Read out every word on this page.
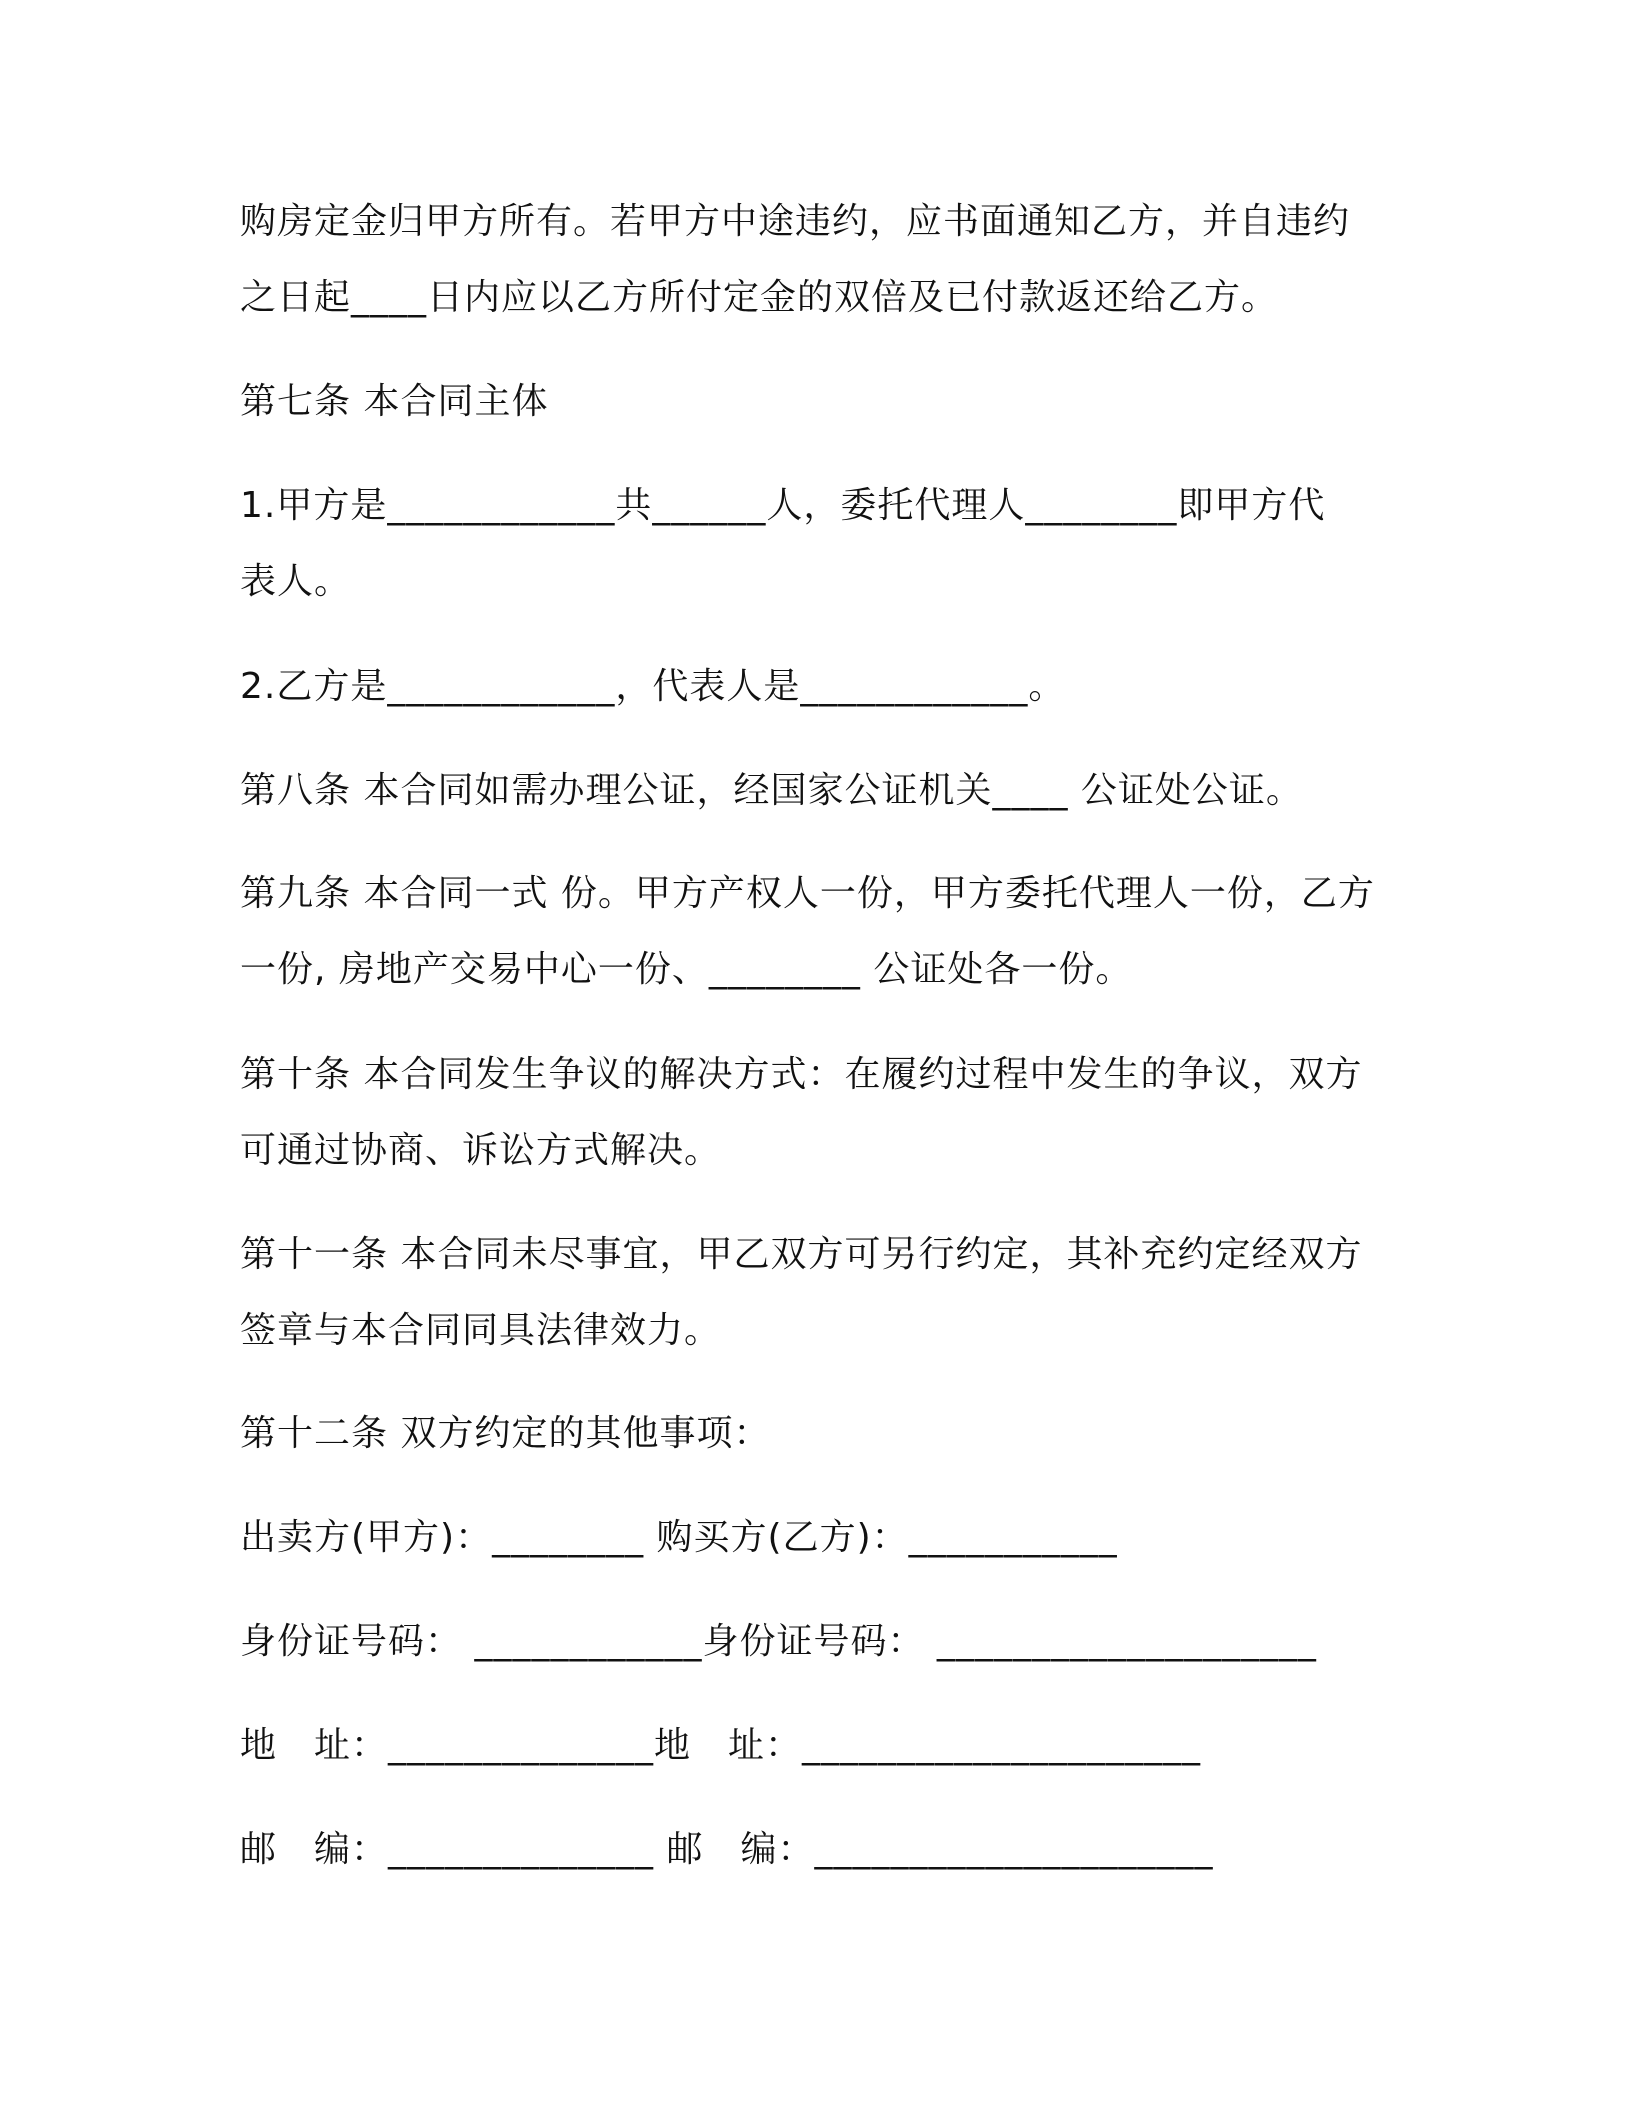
购房定金归甲方所有。若甲方中途违约，应书面通知乙方，并自违约
之日起____日内应以乙方所付定金的双倍及已付款返还给乙方。
第七条 本合同主体
1.甲方是____________共______人，委托代理人________即甲方代
表人。
2.乙方是____________，代表人是____________。
第八条 本合同如需办理公证，经国家公证机关____ 公证处公证。
第九条 本合同一式 份。甲方产权人一份，甲方委托代理人一份，乙方
一份, 房地产交易中心一份、________ 公证处各一份。
第十条 本合同发生争议的解决方式：在履约过程中发生的争议，双方
可通过协商、诉讼方式解决。
第十一条 本合同未尽事宜，甲乙双方可另行约定，其补充约定经双方
签章与本合同同具法律效力。
第十二条 双方约定的其他事项：
出卖方(甲方)：________ 购买方(乙方)：___________
身份证号码： ____________身份证号码： ____________________
地　址：______________地　址：_____________________
邮　编：______________ 邮　编：_____________________
